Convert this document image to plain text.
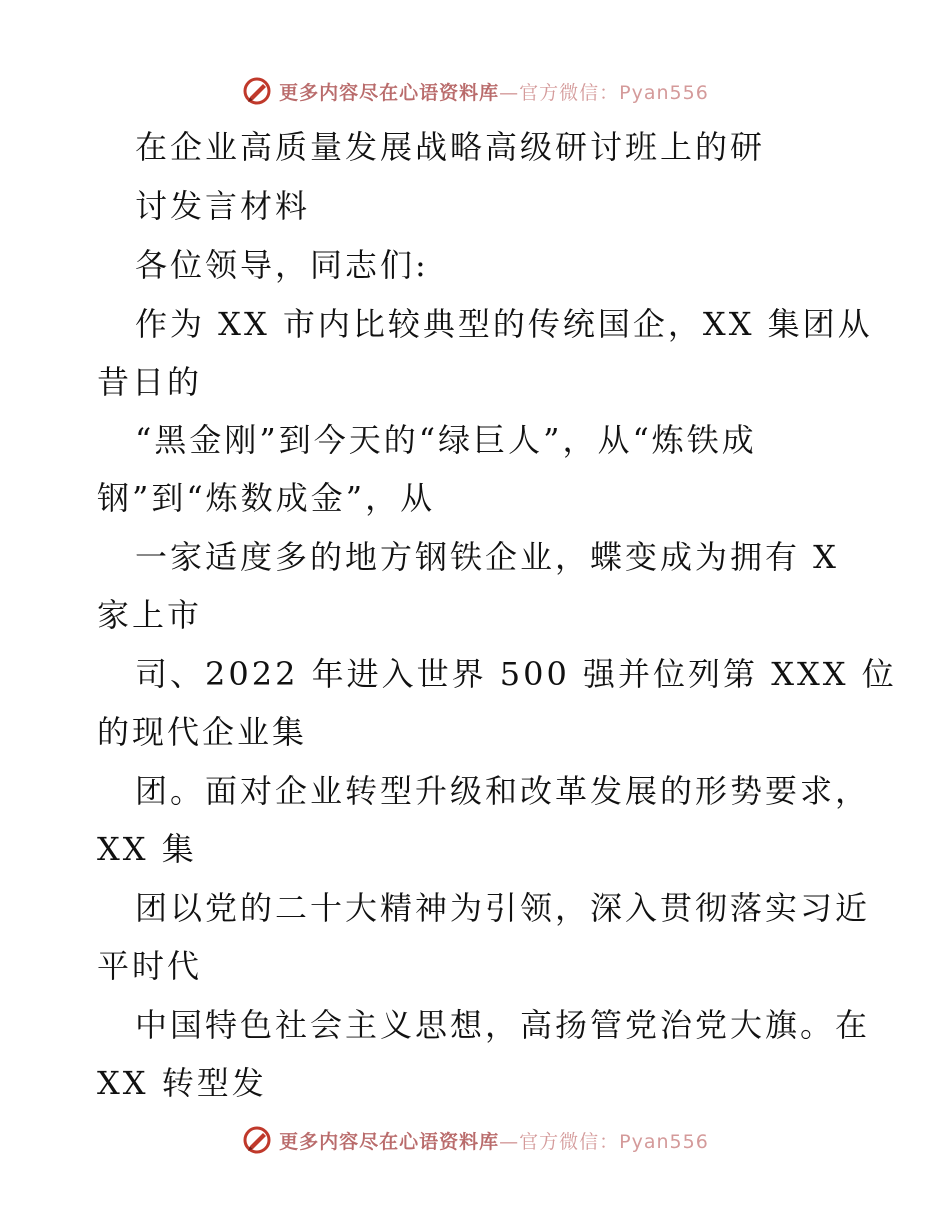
更多内容尽在心语资料库—官方微信：Pyan556
在企业高质量发展战略高级研讨班上的研
讨发言材料
各位领导，同志们:
作为 XX 市内比较典型的传统国企，XX 集团从
昔日的
“黑金刚”到今天的“绿巨人”，从“炼铁成
钢”到“炼数成金”，从
一家适度多的地方钢铁企业，蝶变成为拥有 X
家上市
司、2022 年进入世界 500 强并位列第 XXX 位
的现代企业集
团。面对企业转型升级和改革发展的形势要求，
XX 集
团以党的二十大精神为引领，深入贯彻落实习近
平时代
中国特色社会主义思想，高扬管党治党大旗。在
XX 转型发
更多内容尽在心语资料库—官方微信：Pyan556
